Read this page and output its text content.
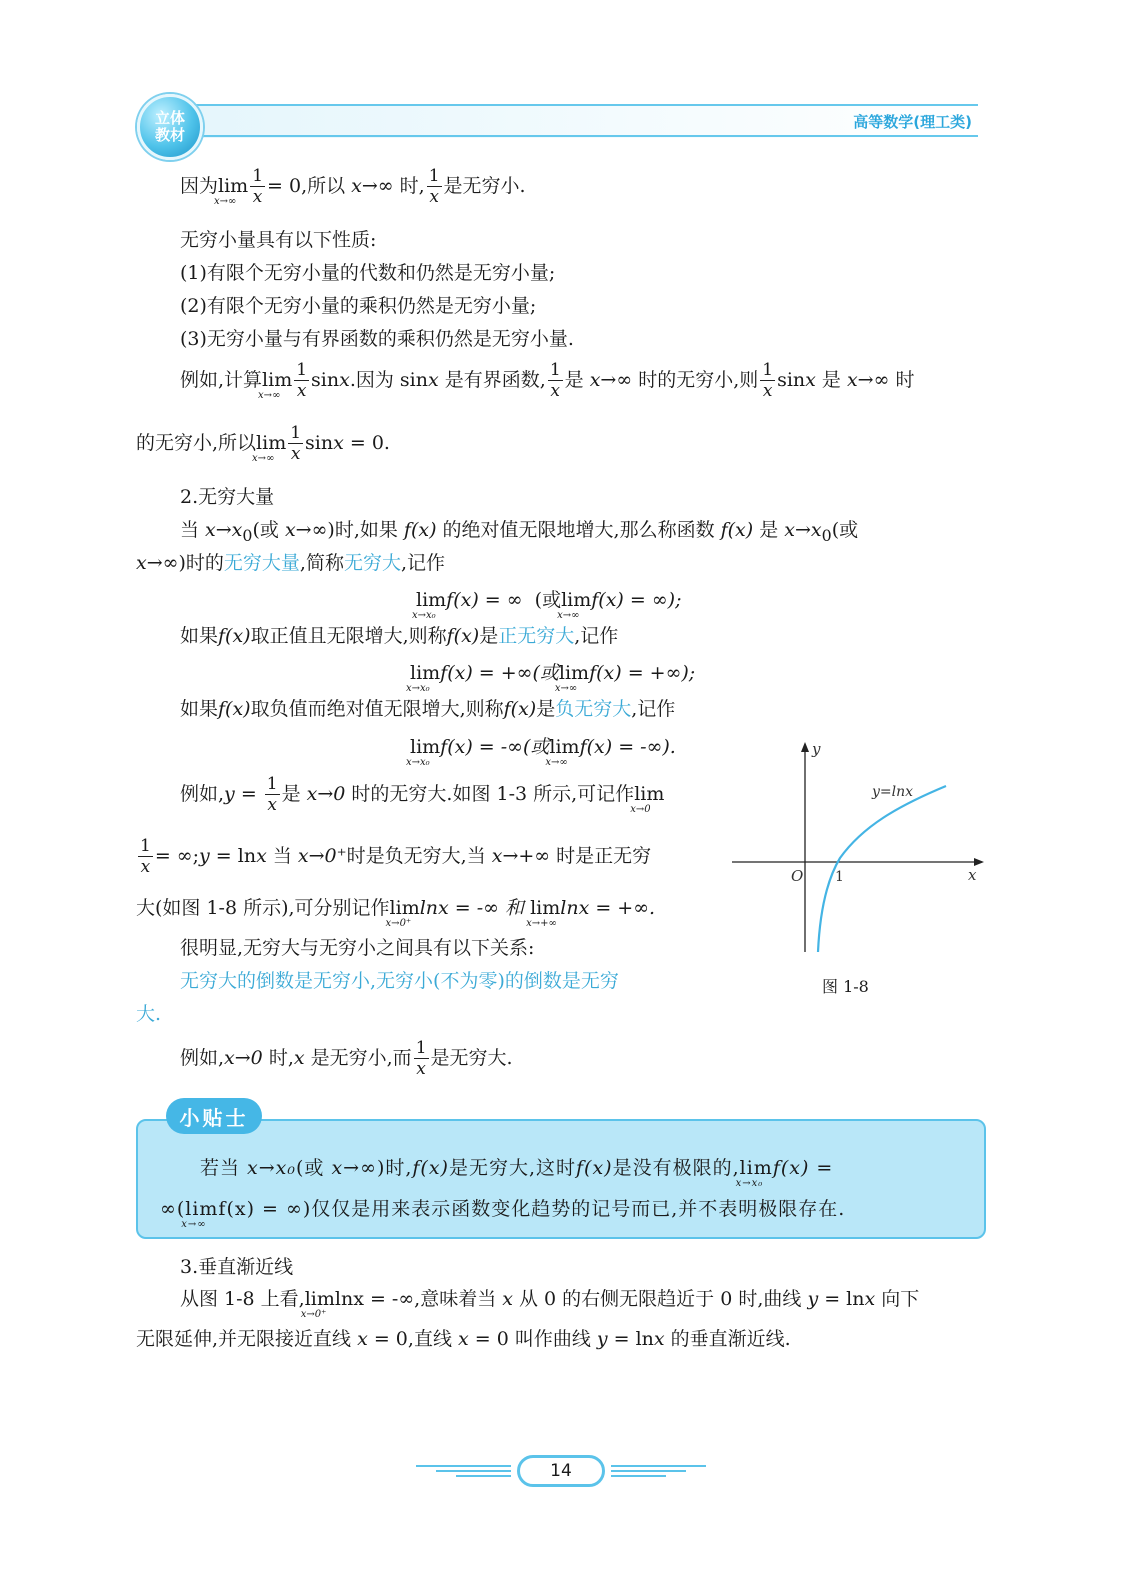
立体
教材
高等数学(理工类)
因为lim
$x\to\infty \frac{1}{x} = 0$,所以 x→∞ 时, $\frac{1}{x}$ 是无穷小.
无穷小量具有以下性质:
(1)有限个无穷小量的代数和仍然是无穷小量;
(2)有限个无穷小量的乘积仍然是无穷小量;
(3)无穷小量与有界函数的乘积仍然是无穷小量.
例如,计算lim
$x\to\infty \frac{1}{x} \sin x$.因为 sinx 是有界函数, $\frac{1}{x}$ 是 x→∞ 时的无穷小,则 $\frac{1}{x}$ sinx 是 x→∞ 时
的无穷小,所以lim
$x\to\infty \frac{1}{x}$ sinx = 0.
2.无穷大量
当 $x\to x_0$(或 x→∞)时,如果 f(x) 的绝对值无限地增大,那么称函数 f(x) 是 $x\to x_0$(或
x→∞)时的无穷大量,简称无穷大,记作
lim
x→x₀
f(x) = ∞ (或lim
x→∞
f(x) = ∞);
如果f(x)取正值且无限增大,则称f(x)是正无穷大,记作
lim
x→x₀
f(x) = +∞(或lim
x→∞
f(x) = +∞);
如果f(x)取负值而绝对值无限增大,则称f(x)是负无穷大,记作
lim
x→x₀
f(x) = -∞(或lim
x→∞
f(x) = -∞).
例如$,y = \frac{1}{x}$ 是 x→0 时的无穷大.如图 1-3 所示,可记作lim
x→0
$\frac{1}{x}$ = ∞;y = lnx 当 x→0⁺时是负无穷大,当 x→+∞ 时是正无穷
大(如图 1-8 所示),可分别记作lim
x→0⁺
lnx = -∞ 和 lim
x→+∞
lnx = +∞.
很明显,无穷大与无穷小之间具有以下关系:
无穷大的倒数是无穷小,无穷小(不为零)的倒数是无穷
大.
例如,x→0 时,x 是无穷小,而 $\frac{1}{x}$ 是无穷大.
y
x
O 1
y=lnx
图 1-8
小贴士
若当 x→x₀(或 x→∞)时,f(x)是无穷大,这时f(x)是没有极限的,lim
x→x₀
f(x) =
∞(lim
x→∞
f(x) = ∞)仅仅是用来表示函数变化趋势的记号而已,并不表明极限存在.
3.垂直渐近线
从图 1-8 上看,lim
x→0⁺
lnx = -∞,意味着当 x 从 0 的右侧无限趋近于 0 时,曲线 y = lnx 向下
无限延伸,并无限接近直线 x = 0,直线 x = 0 叫作曲线 y = lnx 的垂直渐近线.
14
